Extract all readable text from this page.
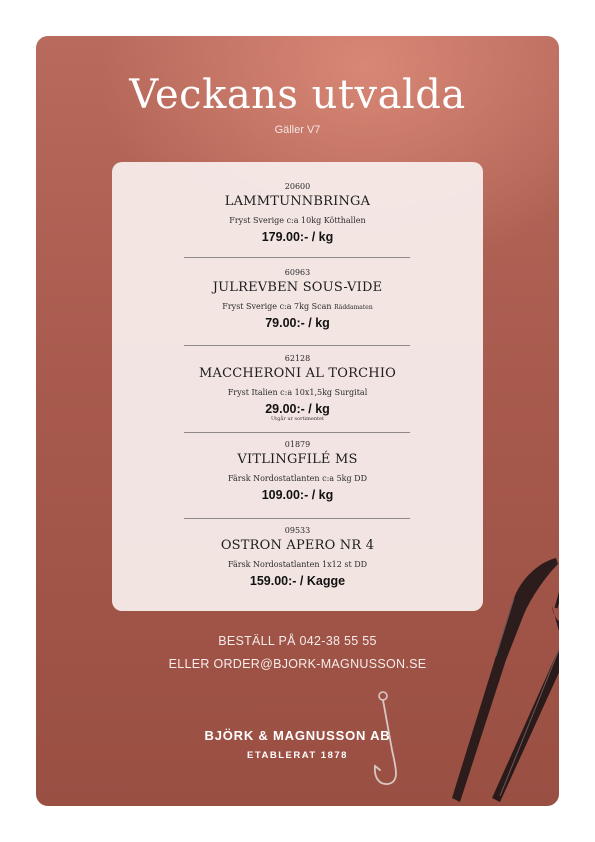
Veckans utvalda
Gäller V7
20600
LAMMTUNNBRINGA
Fryst Sverige c:a 10kg Kötthallen
179.00:- / kg
60963
JULREVBEN SOUS-VIDE
Fryst Sverige c:a 7kg Scan Räddamaten
79.00:- / kg
62128
MACCHERONI AL TORCHIO
Fryst Italien c:a 10x1,5kg Surgital
29.00:- / kg
Utgår ur sortimentet
01879
VITLINGFILÉ MS
Färsk Nordostatlanten c:a 5kg DD
109.00:- / kg
09533
OSTRON APERO NR 4
Färsk Nordostatlanten 1x12 st DD
159.00:- / Kagge
BESTÄLL PÅ 042-38 55 55
ELLER ORDER@BJORK-MAGNUSSON.SE
BJÖRK & MAGNUSSON AB
ETABLERAT 1878
